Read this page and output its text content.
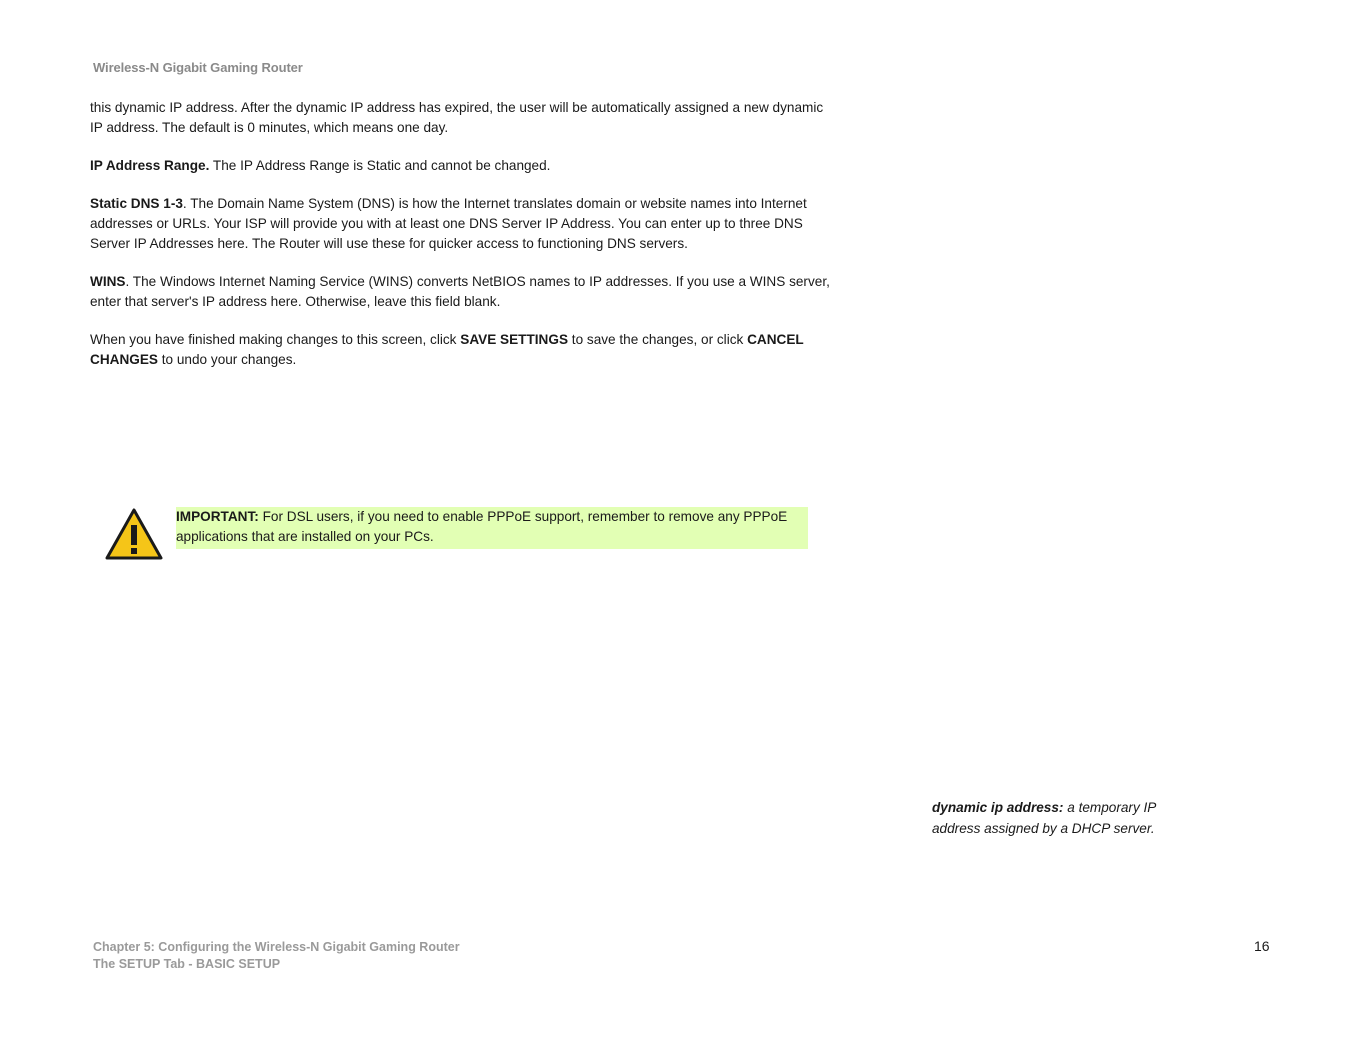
Wireless-N Gigabit Gaming Router

this dynamic IP address. After the dynamic IP address has expired, the user will be automatically assigned a new dynamic IP address. The default is 0 minutes, which means one day.

IP Address Range. The IP Address Range is Static and cannot be changed.

Static DNS 1-3. The Domain Name System (DNS) is how the Internet translates domain or website names into Internet addresses or URLs. Your ISP will provide you with at least one DNS Server IP Address. You can enter up to three DNS Server IP Addresses here. The Router will use these for quicker access to functioning DNS servers.

WINS. The Windows Internet Naming Service (WINS) converts NetBIOS names to IP addresses. If you use a WINS server, enter that server's IP address here. Otherwise, leave this field blank.

When you have finished making changes to this screen, click SAVE SETTINGS to save the changes, or click CANCEL CHANGES to undo your changes.

IMPORTANT: For DSL users, if you need to enable PPPoE support, remember to remove any PPPoE applications that are installed on your PCs.
dynamic ip address: a temporary IP address assigned by a DHCP server.
Chapter 5: Configuring the Wireless-N Gigabit Gaming Router
The SETUP Tab - BASIC SETUP
16
